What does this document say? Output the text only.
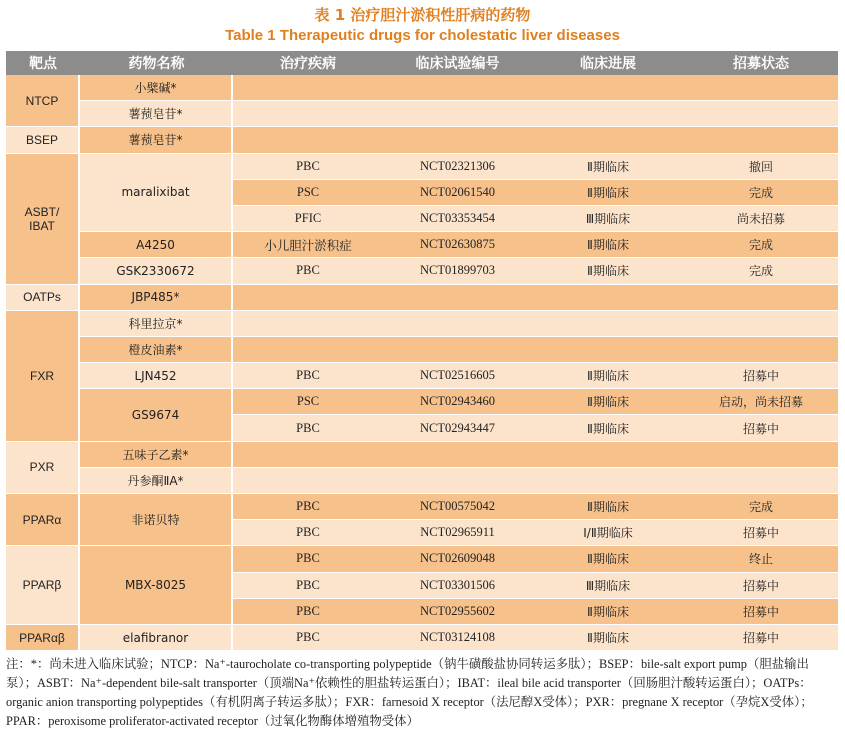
表 1 治疗胆汁淤积性肝病的药物
Table 1 Therapeutic drugs for cholestatic liver diseases
靶点	药物名称	治疗疾病	临床试验编号	临床进展	招募状态
NTCP	小檗碱*				
	薯蓣皂苷*				
BSEP	薯蓣皂苷*				
ASBT/
IBAT	maralixibat	PBC	NCT02321306	Ⅱ期临床	撤回
		PSC	NCT02061540	Ⅱ期临床	完成
		PFIC	NCT03353454	Ⅲ期临床	尚未招募
	A4250	小儿胆汁淤积症	NCT02630875	Ⅱ期临床	完成
	GSK2330672	PBC	NCT01899703	Ⅱ期临床	完成
OATPs	JBP485*				
FXR	科里拉京*				
	橙皮油素*				
	LJN452	PBC	NCT02516605	Ⅱ期临床	招募中
	GS9674	PSC	NCT02943460	Ⅱ期临床	启动，尚未招募
		PBC	NCT02943447	Ⅱ期临床	招募中
PXR	五味子乙素*				
	丹参酮ⅡA*				
PPARα	非诺贝特	PBC	NCT00575042	Ⅱ期临床	完成
		PBC	NCT02965911	Ⅰ/Ⅱ期临床	招募中
PPARβ	MBX-8025	PBC	NCT02609048	Ⅱ期临床	终止
		PBC	NCT03301506	Ⅲ期临床	招募中
		PBC	NCT02955602	Ⅱ期临床	招募中
PPARαβ	elafibranor	PBC	NCT03124108	Ⅱ期临床	招募中
注：*：尚未进入临床试验；NTCP：Na⁺-taurocholate co-transporting polypeptide（钠牛磺酸盐协同转运多肽）；BSEP：bile-salt export pump（胆盐输出泵）；ASBT：Na⁺-dependent bile-salt transporter（顶端Na⁺依赖性的胆盐转运蛋白）；IBAT：ileal bile acid transporter（回肠胆汁酸转运蛋白）；OATPs：organic anion transporting polypeptides（有机阴离子转运多肽）；FXR：farnesoid X receptor（法尼醇X受体）；PXR：pregnane X receptor（孕烷X受体）；PPAR：peroxisome proliferator-activated receptor（过氧化物酶体增殖物受体）
